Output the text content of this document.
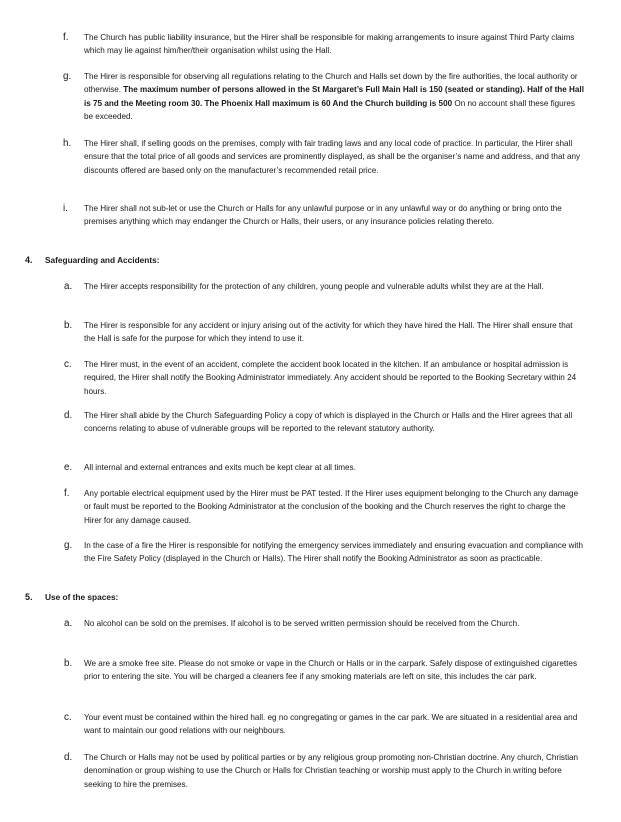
f. The Church has public liability insurance, but the Hirer shall be responsible for making arrangements to insure against Third Party claims which may lie against him/her/their organisation whilst using the Hall.

g. The Hirer is responsible for observing all regulations relating to the Church and Halls set down by the fire authorities, the local authority or otherwise. The maximum number of persons allowed in the St Margaret’s Full Main Hall is 150 (seated or standing). Half of the Hall is 75 and the Meeting room 30. The Phoenix Hall maximum is 60 And the Church building is 500 On no account shall these figures be exceeded.

h. The Hirer shall, if selling goods on the premises, comply with fair trading laws and any local code of practice. In particular, the Hirer shall ensure that the total price of all goods and services are prominently displayed, as shall be the organiser’s name and address, and that any discounts offered are based only on the manufacturer’s recommended retail price.

i. The Hirer shall not sub-let or use the Church or Halls for any unlawful purpose or in any unlawful way or do anything or bring onto the premises anything which may endanger the Church or Halls, their users, or any insurance policies relating thereto.

4. Safeguarding and Accidents:
a. The Hirer accepts responsibility for the protection of any children, young people and vulnerable adults whilst they are at the Hall.

b. The Hirer is responsible for any accident or injury arising out of the activity for which they have hired the Hall. The Hirer shall ensure that the Hall is safe for the purpose for which they intend to use it.

c. The Hirer must, in the event of an accident, complete the accident book located in the kitchen. If an ambulance or hospital admission is required, the Hirer shall notify the Booking Administrator immediately. Any accident should be reported to the Booking Secretary within 24 hours.

d. The Hirer shall abide by the Church Safeguarding Policy a copy of which is displayed in the Church or Halls and the Hirer agrees that all concerns relating to abuse of vulnerable groups will be reported to the relevant statutory authority.

e. All internal and external entrances and exits much be kept clear at all times.

f. Any portable electrical equipment used by the Hirer must be PAT tested. If the Hirer uses equipment belonging to the Church any damage or fault must be reported to the Booking Administrator at the conclusion of the booking and the Church reserves the right to charge the Hirer for any damage caused.

g. In the case of a fire the Hirer is responsible for notifying the emergency services immediately and ensuring evacuation and compliance with the Fire Safety Policy (displayed in the Church or Halls). The Hirer shall notify the Booking Administrator as soon as practicable.

5. Use of the spaces:
a. No alcohol can be sold on the premises. If alcohol is to be served written permission should be received from the Church.

b. We are a smoke free site. Please do not smoke or vape in the Church or Halls or in the carpark. Safely dispose of extinguished cigarettes prior to entering the site. You will be charged a cleaners fee if any smoking materials are left on site, this includes the car park.

c. Your event must be contained within the hired hall. eg no congregating or games in the car park. We are situated in a residential area and want to maintain our good relations with our neighbours.

d. The Church or Halls may not be used by political parties or by any religious group promoting non-Christian doctrine. Any church, Christian denomination or group wishing to use the Church or Halls for Christian teaching or worship must apply to the Church in writing before seeking to hire the premises.
